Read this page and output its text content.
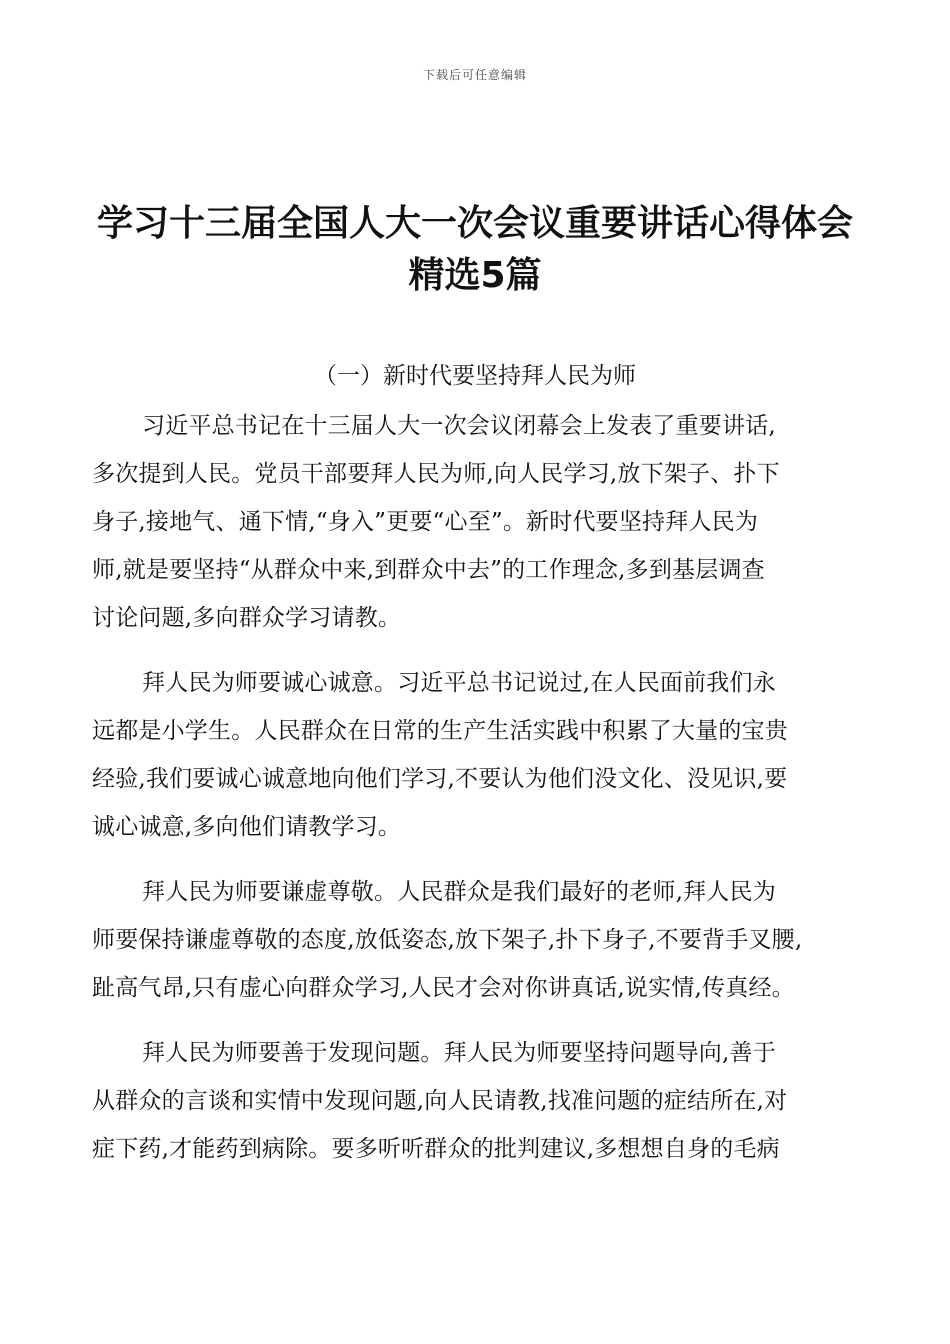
下载后可任意编辑
学习十三届全国人大一次会议重要讲话心得体会
精选5篇
（一）新时代要坚持拜人民为师

习近平总书记在十三届人大一次会议闭幕会上发表了重要讲话,
多次提到人民。党员干部要拜人民为师,向人民学习,放下架子、扑下
身子,接地气、通下情,“身入”更要“心至”。新时代要坚持拜人民为
师,就是要坚持“从群众中来,到群众中去”的工作理念,多到基层调查
讨论问题,多向群众学习请教。

拜人民为师要诚心诚意。习近平总书记说过,在人民面前我们永
远都是小学生。人民群众在日常的生产生活实践中积累了大量的宝贵
经验,我们要诚心诚意地向他们学习,不要认为他们没文化、没见识,要
诚心诚意,多向他们请教学习。

拜人民为师要谦虚尊敬。人民群众是我们最好的老师,拜人民为
师要保持谦虚尊敬的态度,放低姿态,放下架子,扑下身子,不要背手叉腰,
趾高气昂,只有虚心向群众学习,人民才会对你讲真话,说实情,传真经。

拜人民为师要善于发现问题。拜人民为师要坚持问题导向,善于
从群众的言谈和实情中发现问题,向人民请教,找准问题的症结所在,对
症下药,才能药到病除。要多听听群众的批判建议,多想想自身的毛病
